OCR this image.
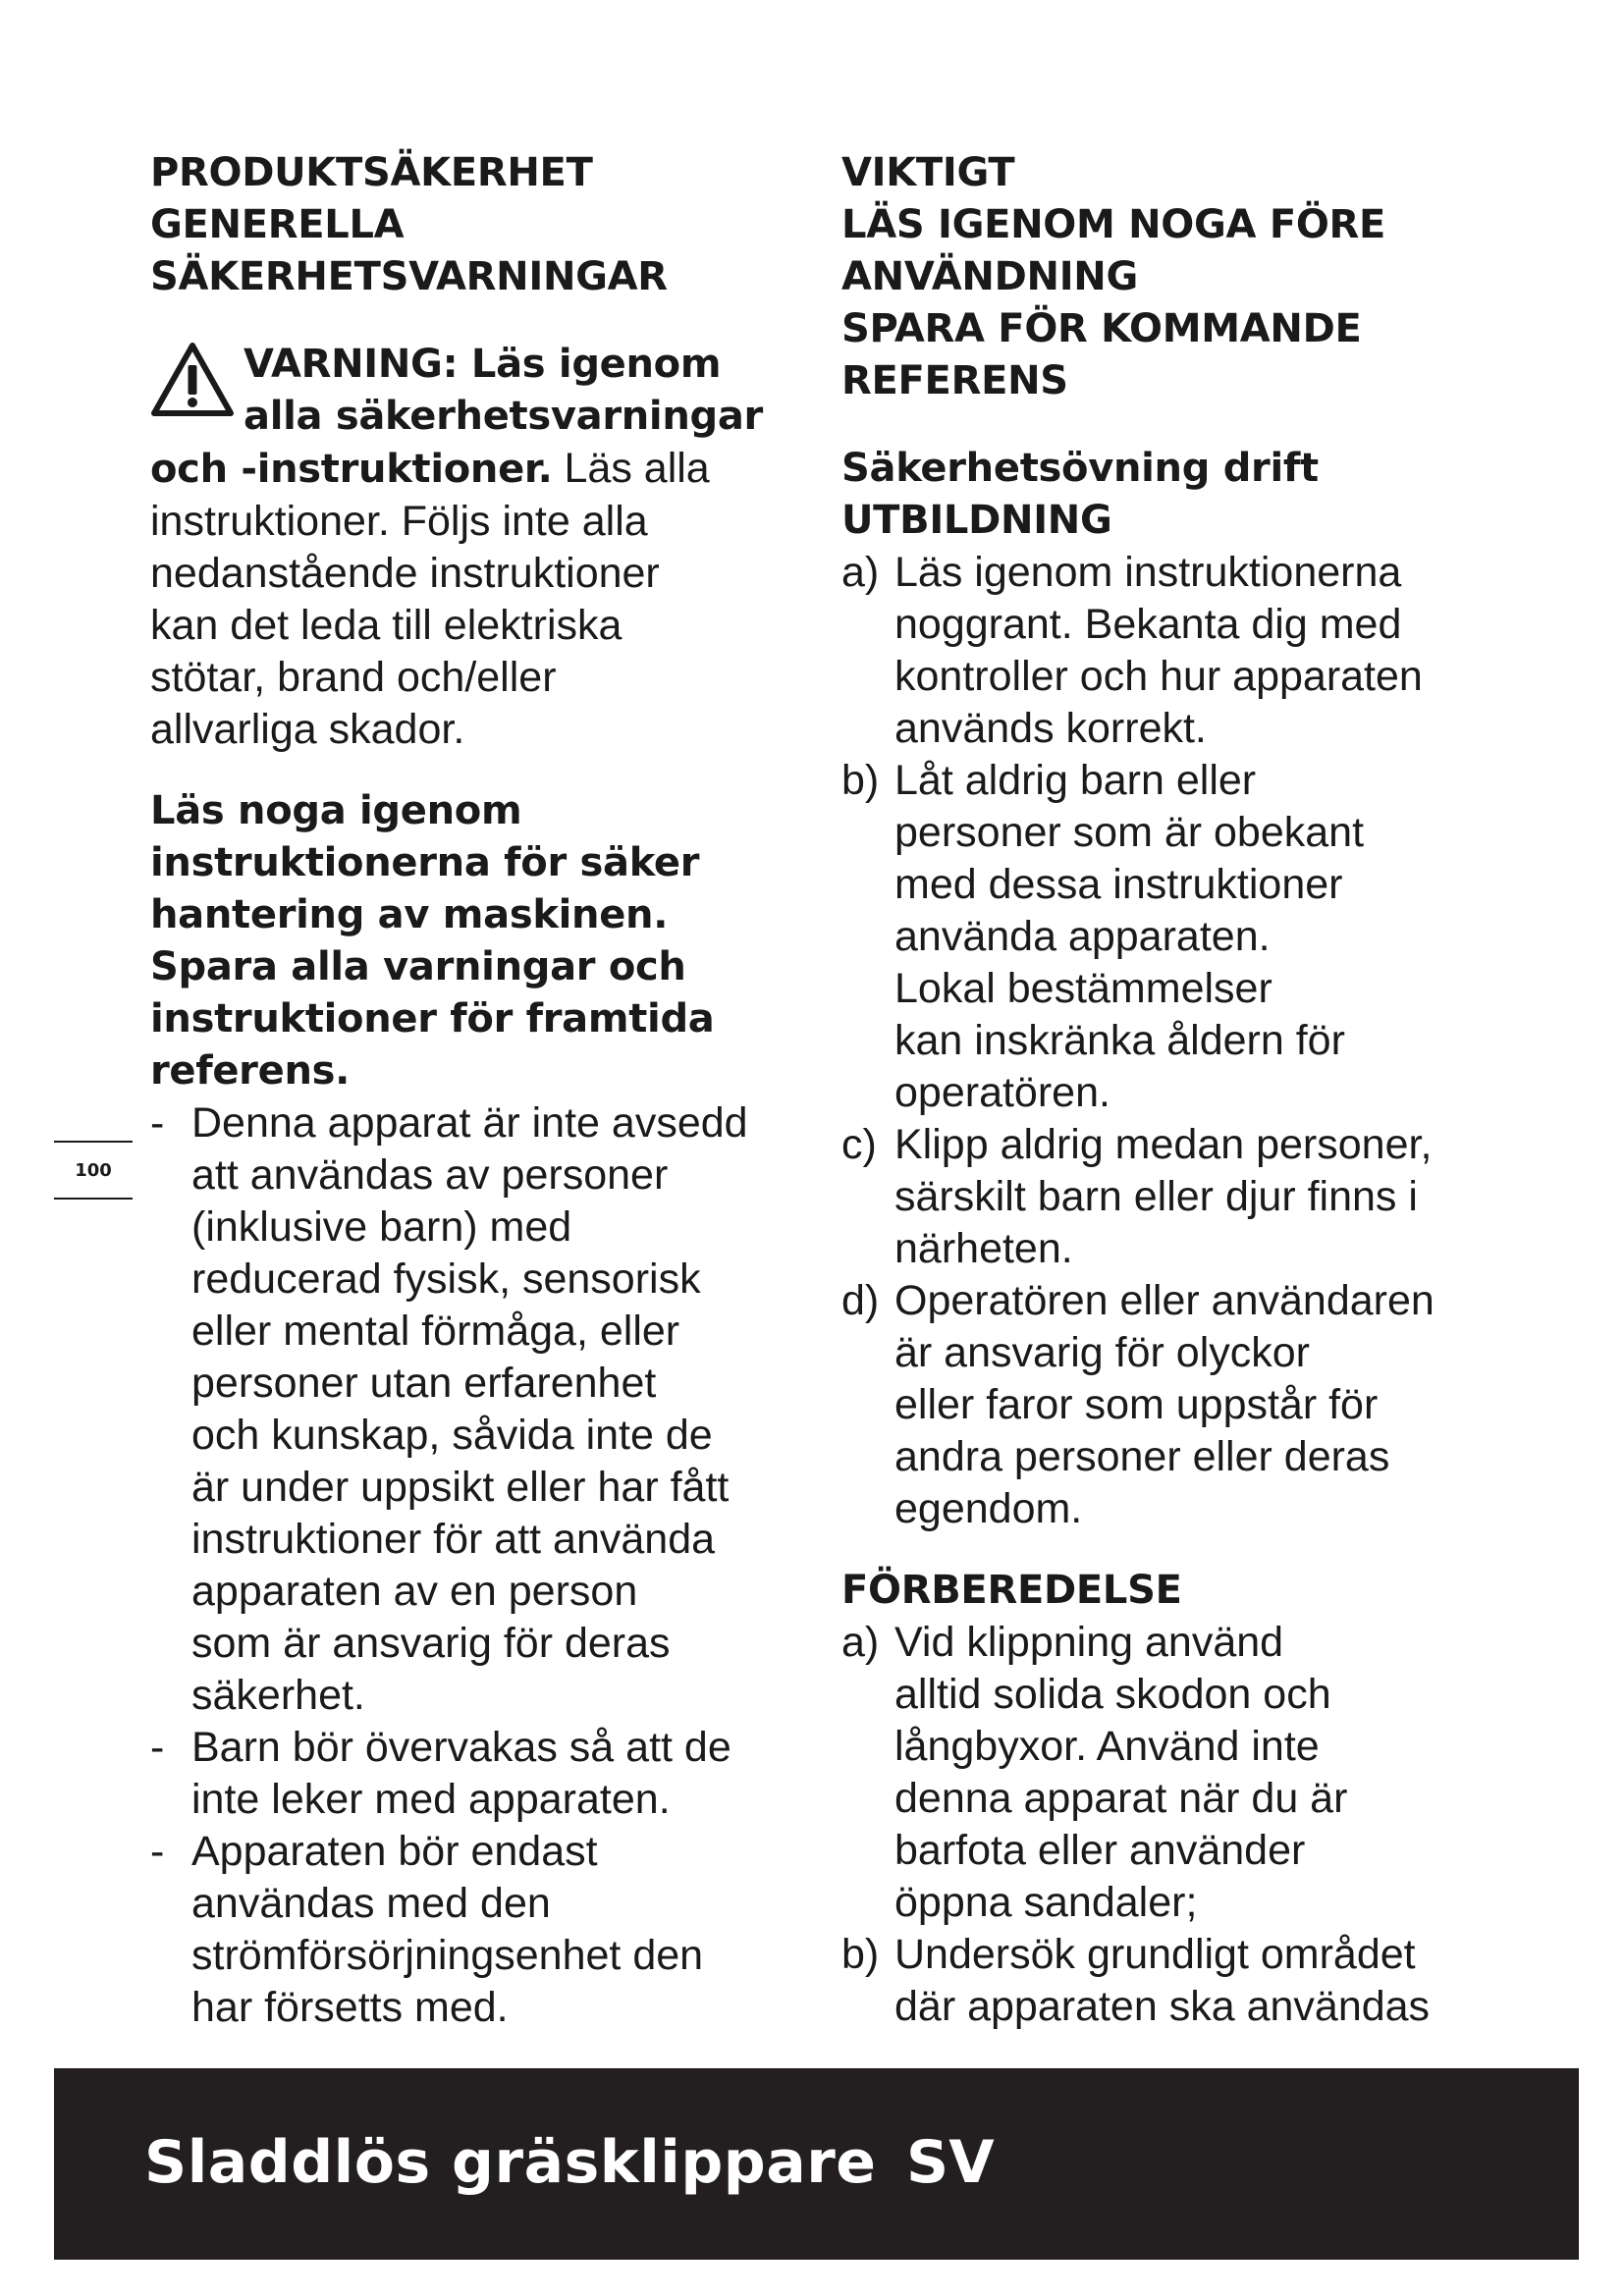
PRODUKTSÄKERHET
GENERELLA
SÄKERHETSVARNINGAR

VARNING: Läs igenom
alla säkerhetsvarningar

och -instruktioner. Läs alla
instruktioner. Följs inte alla
nedanstående instruktioner
kan det leda till elektriska
stötar, brand och/eller
allvarliga skador.

Läs noga igenom
instruktionerna för säker
hantering av maskinen.
Spara alla varningar och
instruktioner för framtida
referens.
- Denna apparat är inte avsedd
att användas av personer
(inklusive barn) med
reducerad fysisk, sensorisk
eller mental förmåga, eller
personer utan erfarenhet
och kunskap, såvida inte de
är under uppsikt eller har fått
instruktioner för att använda
apparaten av en person
som är ansvarig för deras
säkerhet.

- Barn bör övervakas så att de
inte leker med apparaten.

- Apparaten bör endast
användas med den
strömförsörjningsenhet den
har försetts med.

VIKTIGT
LÄS IGENOM NOGA FÖRE
ANVÄNDNING
SPARA FÖR KOMMANDE
REFERENS
Säkerhetsövning drift
UTBILDNING
a) Läs igenom instruktionerna
noggrant. Bekanta dig med
kontroller och hur apparaten
används korrekt.

b) Låt aldrig barn eller
personer som är obekant
med dessa instruktioner
använda apparaten.
Lokal bestämmelser
kan inskränka åldern för
operatören.

c) Klipp aldrig medan personer,
särskilt barn eller djur finns i
närheten.

d) Operatören eller användaren
är ansvarig för olyckor
eller faror som uppstår för
andra personer eller deras
egendom.

FÖRBEREDELSE
a) Vid klippning använd
alltid solida skodon och
långbyxor. Använd inte
denna apparat när du är
barfota eller använder
öppna sandaler;

b) Undersök grundligt området
där apparaten ska användas

100
Sladdlös gräsklippare SV
